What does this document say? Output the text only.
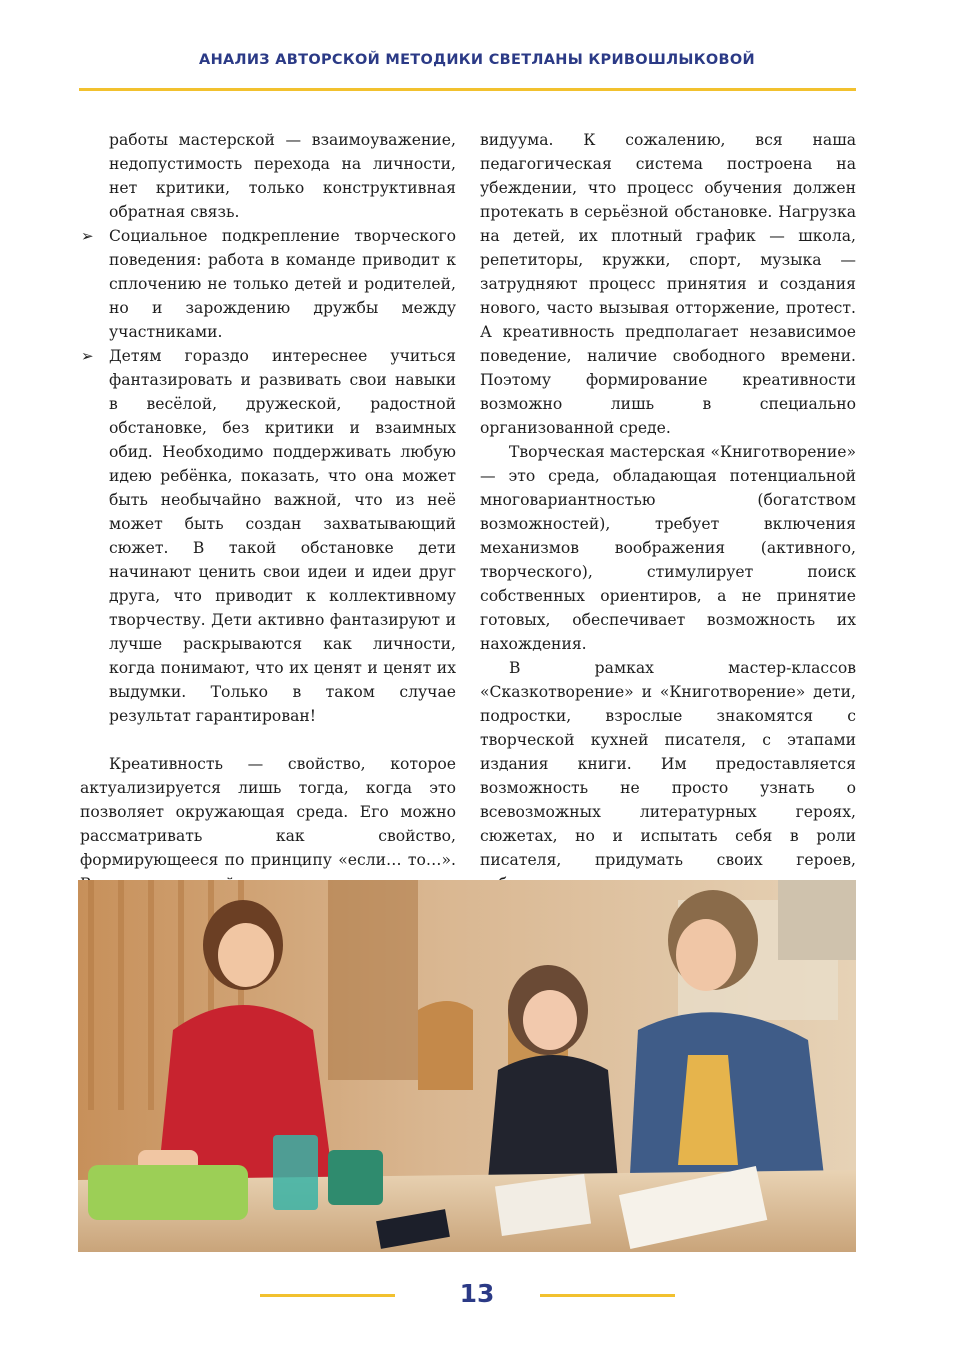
АНАЛИЗ АВТОРСКОЙ МЕТОДИКИ СВЕТЛАНЫ КРИВОШЛЫКОВОЙ

работы мастерской — взаимоуважение, недопустимость перехода на личности, нет критики, только конструктивная обратная связь.

➢ Социальное подкрепление творческого поведения: работа в команде приводит к сплочению не только детей и родителей, но и зарождению дружбы между участниками.
➢ Детям гораздо интереснее учиться фантазировать и развивать свои навыки в весёлой, дружеской, радостной обстановке, без критики и взаимных обид. Необходимо поддерживать любую идею ребёнка, показать, что она может быть необычайно важной, что из неё может быть создан захватывающий сюжет. В такой обстановке дети начинают ценить свои идеи и идеи друг друга, что приводит к коллективному творчеству. Дети активно фантазируют и лучше раскрываются как личности, когда понимают, что их ценят и ценят их выдумки. Только в таком случае результат гарантирован!

Креативность — свойство, которое актуализируется лишь тогда, когда это позволяет окружающая среда. Его можно рассматривать как свойство, формирующееся по принципу «если… то…».

видуума. К сожалению, вся наша педагогическая система построена на убеждении, что процесс обучения должен протекать в серьёзной обстановке. Нагрузка на детей, их плотный график — школа, репетиторы, кружки, спорт, музыка — затрудняют процесс принятия и создания нового, часто вызывая отторжение, протест. А креативность предполагает независимое поведение, наличие свободного времени. Поэтому формирование креативности возможно лишь в специально организованной среде.

Творческая мастерская «Книготворение» — это среда, обладающая потенциальной многовариантностью (богатством возможностей), требует включения механизмов воображения (активного, творческого), стимулирует поиск собственных ориентиров, а не принятие готовых, обеспечивает возможность их нахождения.

В рамках мастер-классов «Сказкотворение» и «Книготворение» дети, подростки, взрослые знакомятся с творческой кухней писателя, с этапами издания книги. Им предоставляется возможность не просто узнать о всевозможных литературных героях, сюжетах, но и испытать себя в роли писателя, придумать своих героев,

13
